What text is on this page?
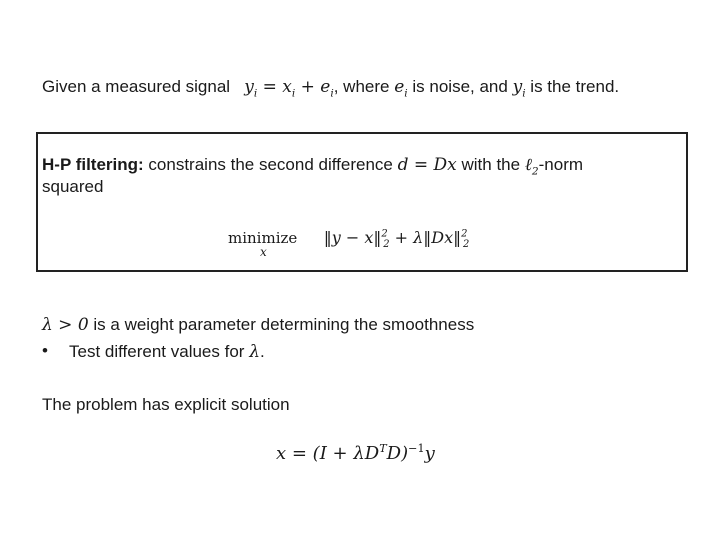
Given a measured signal $y_i = x_i + e_i$, where $e_i$ is noise, and $y_i$ is the trend.
H-P filtering: constrains the second difference d = Dx with the ℓ$_2$-norm
squared
minimize
x
‖y − x‖$^2_2$ + λ‖Dx‖$^2_2$
λ > 0 is a weight parameter determining the smoothness
• Test different values for λ.
The problem has explicit solution
$x = (I + \lambda D^TD)^{-1}y$
